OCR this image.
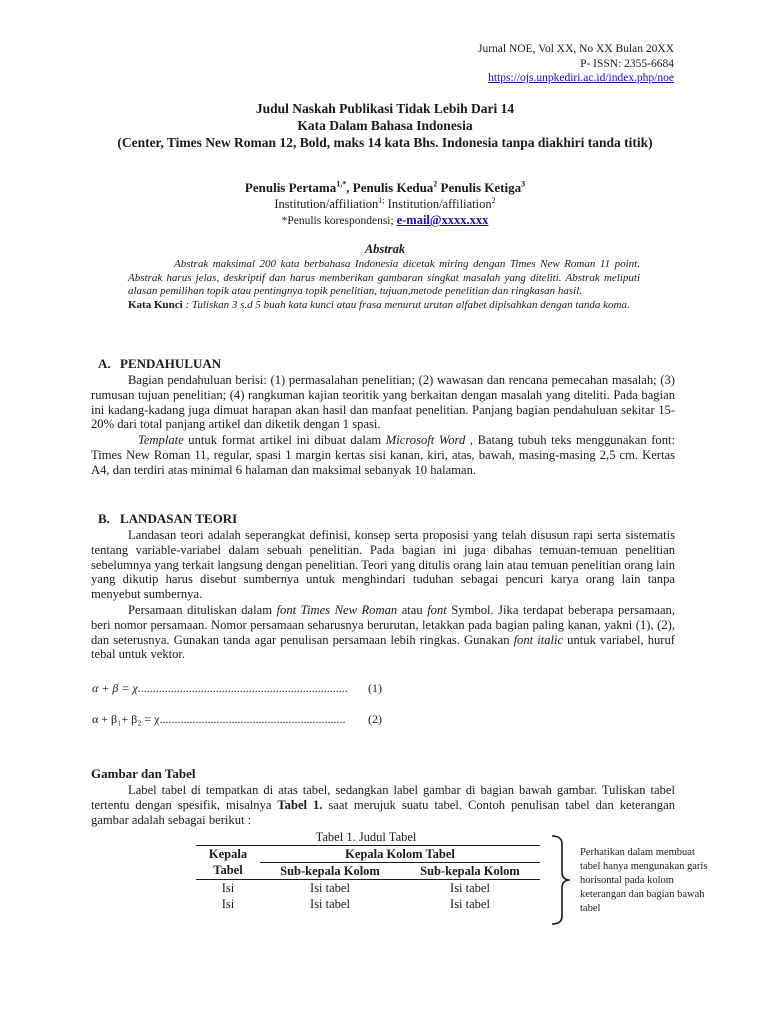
Jurnal NOE, Vol XX, No XX Bulan 20XX
P- ISSN: 2355-6684
https://ojs.unpkediri.ac.id/index.php/noe
Judul Naskah Publikasi Tidak Lebih Dari 14
Kata Dalam Bahasa Indonesia
(Center, Times New Roman 12, Bold, maks 14 kata Bhs. Indonesia tanpa diakhiri tanda titik)
Penulis Pertama$^{1,*}$, Penulis Kedua$^2$ Penulis Ketiga$^3$
Institution/affiliation$^{1;}$ Institution/affiliation$^2$
*Penulis korespondensi; e-mail@xxxx.xxx
Abstrak
Abstrak maksimal 200 kata berbahasa Indonesia dicetak miring dengan Times New Roman 11 point. Abstrak harus jelas, deskriptif dan harus memberikan gambaran singkat masalah yang diteliti. Abstrak meliputi alasan pemilihan topik atau pentingnya topik penelitian, tujuan,metode penelitian dan ringkasan hasil.
Kata Kunci : Tuliskan 3 s.d 5 buah kata kunci atau frasa menurut urutan alfabet dipisahkan dengan tanda koma.
A. PENDAHULUAN
Bagian pendahuluan berisi: (1) permasalahan penelitian; (2) wawasan dan rencana pemecahan masalah; (3) rumusan tujuan penelitian; (4) rangkuman kajian teoritik yang berkaitan dengan masalah yang diteliti. Pada bagian ini kadang-kadang juga dimuat harapan akan hasil dan manfaat penelitian. Panjang bagian pendahuluan sekitar 15-20% dari total panjang artikel dan diketik dengan 1 spasi.
Template untuk format artikel ini dibuat dalam Microsoft Word , Batang tubuh teks menggunakan font: Times New Roman 11, regular, spasi 1 margin kertas sisi kanan, kiri, atas, bawah, masing-masing 2,5 cm. Kertas A4, dan terdiri atas minimal 6 halaman dan maksimal sebanyak 10 halaman.
B. LANDASAN TEORI
Landasan teori adalah seperangkat definisi, konsep serta proposisi yang telah disusun rapi serta sistematis tentang variable-variabel dalam sebuah penelitian. Pada bagian ini juga dibahas temuan-temuan penelitian sebelumnya yang terkait langsung dengan penelitian. Teori yang ditulis orang lain atau temuan penelitian orang lain yang dikutip harus disebut sumbernya untuk menghindari tuduhan sebagai pencuri karya orang lain tanpa menyebut sumbernya.
Persamaan dituliskan dalam font Times New Roman atau font Symbol. Jika terdapat beberapa persamaan, beri nomor persamaan. Nomor persamaan seharusnya berurutan, letakkan pada bagian paling kanan, yakni (1), (2), dan seterusnya. Gunakan tanda agar penulisan persamaan lebih ringkas. Gunakan font italic untuk variabel, huruf tebal untuk vektor.
α + β = χ...................................................................... (1)
α + β₁+ β₂ = χ.............................................................. (2)
Gambar dan Tabel
Label tabel di tempatkan di atas tabel, sedangkan label gambar di bagian bawah gambar. Tuliskan tabel tertentu dengan spesifik, misalnya Tabel 1. saat merujuk suatu tabel. Contoh penulisan tabel dan keterangan gambar adalah sebagai berikut :
Tabel 1. Judul Tabel
Kepala	Kepala Kolom Tabel	
Tabel	Sub-kepala Kolom	Sub-kepala Kolom
Isi	Isi tabel	Isi tabel
Isi	Isi tabel	Isi tabel
Perhatikan dalam membuat tabel hanya mengunakan garis horisontal pada kolom keterangan dan bagian bawah tabel
